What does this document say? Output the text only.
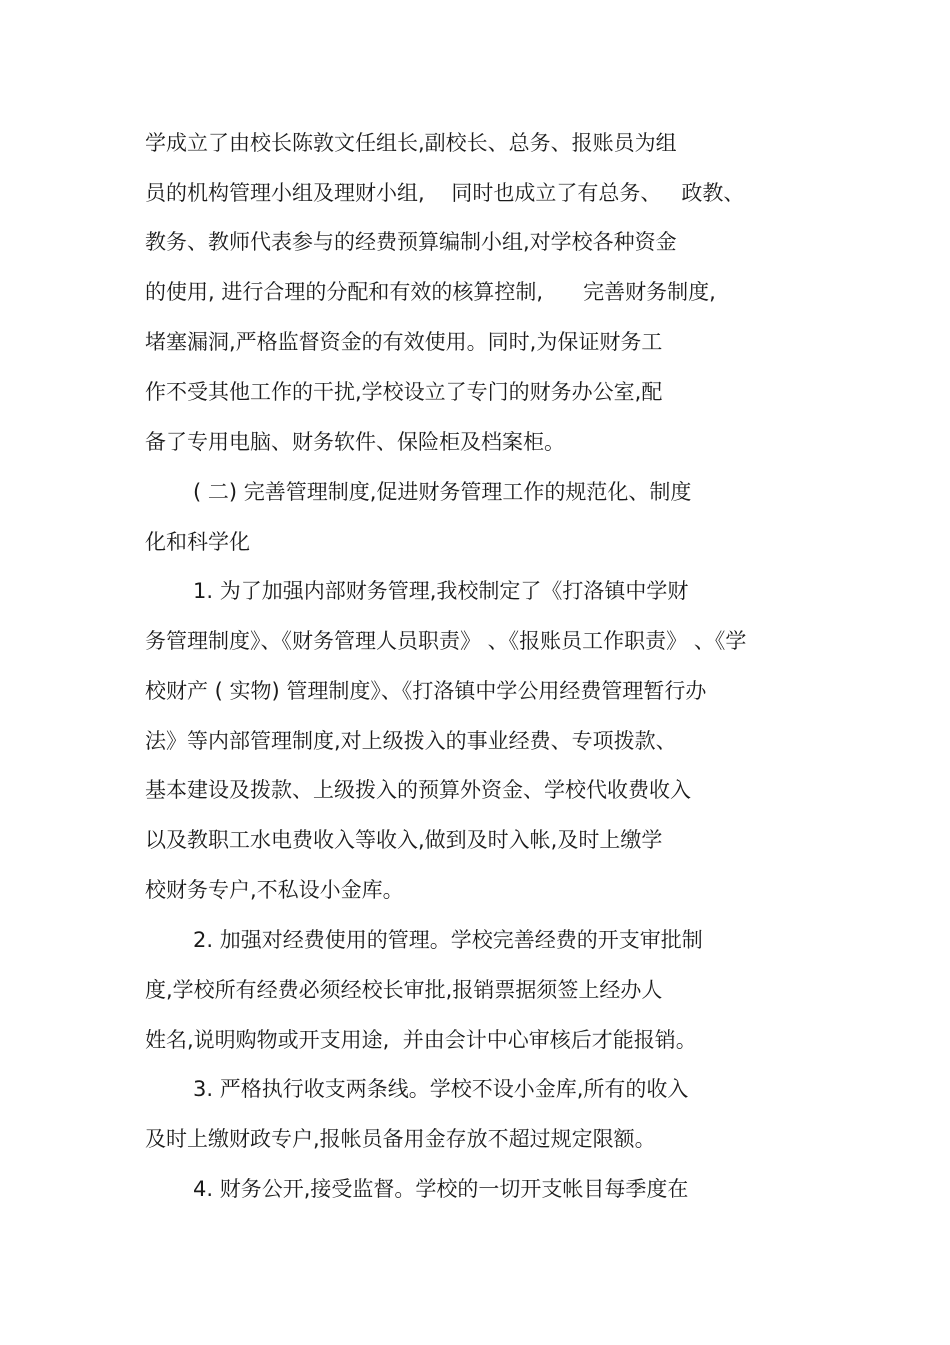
学成立了由校长陈敦文任组长,副校长、总务、报账员为组

员的机构管理小组及理财小组,    同时也成立了有总务、   政教、

教务、教师代表参与的经费预算编制小组,对学校各种资金

的使用, 进行合理的分配和有效的核算控制,      完善财务制度,

堵塞漏洞,严格监督资金的有效使用。同时,为保证财务工

作不受其他工作的干扰,学校设立了专门的财务办公室,配

备了专用电脑、财务软件、保险柜及档案柜。

( 二) 完善管理制度,促进财务管理工作的规范化、制度

化和科学化

1. 为了加强内部财务管理,我校制定了《打洛镇中学财

务管理制度》、《财务管理人员职责》 、《报账员工作职责》 、《学

校财产 ( 实物) 管理制度》、《打洛镇中学公用经费管理暂行办

法》等内部管理制度,对上级拨入的事业经费、专项拨款、

基本建设及拨款、上级拨入的预算外资金、学校代收费收入

以及教职工水电费收入等收入,做到及时入帐,及时上缴学

校财务专户,不私设小金库。

2. 加强对经费使用的管理。学校完善经费的开支审批制

度,学校所有经费必须经校长审批,报销票据须签上经办人

姓名,说明购物或开支用途,  并由会计中心审核后才能报销。

3. 严格执行收支两条线。学校不设小金库,所有的收入

及时上缴财政专户,报帐员备用金存放不超过规定限额。

4. 财务公开,接受监督。学校的一切开支帐目每季度在
